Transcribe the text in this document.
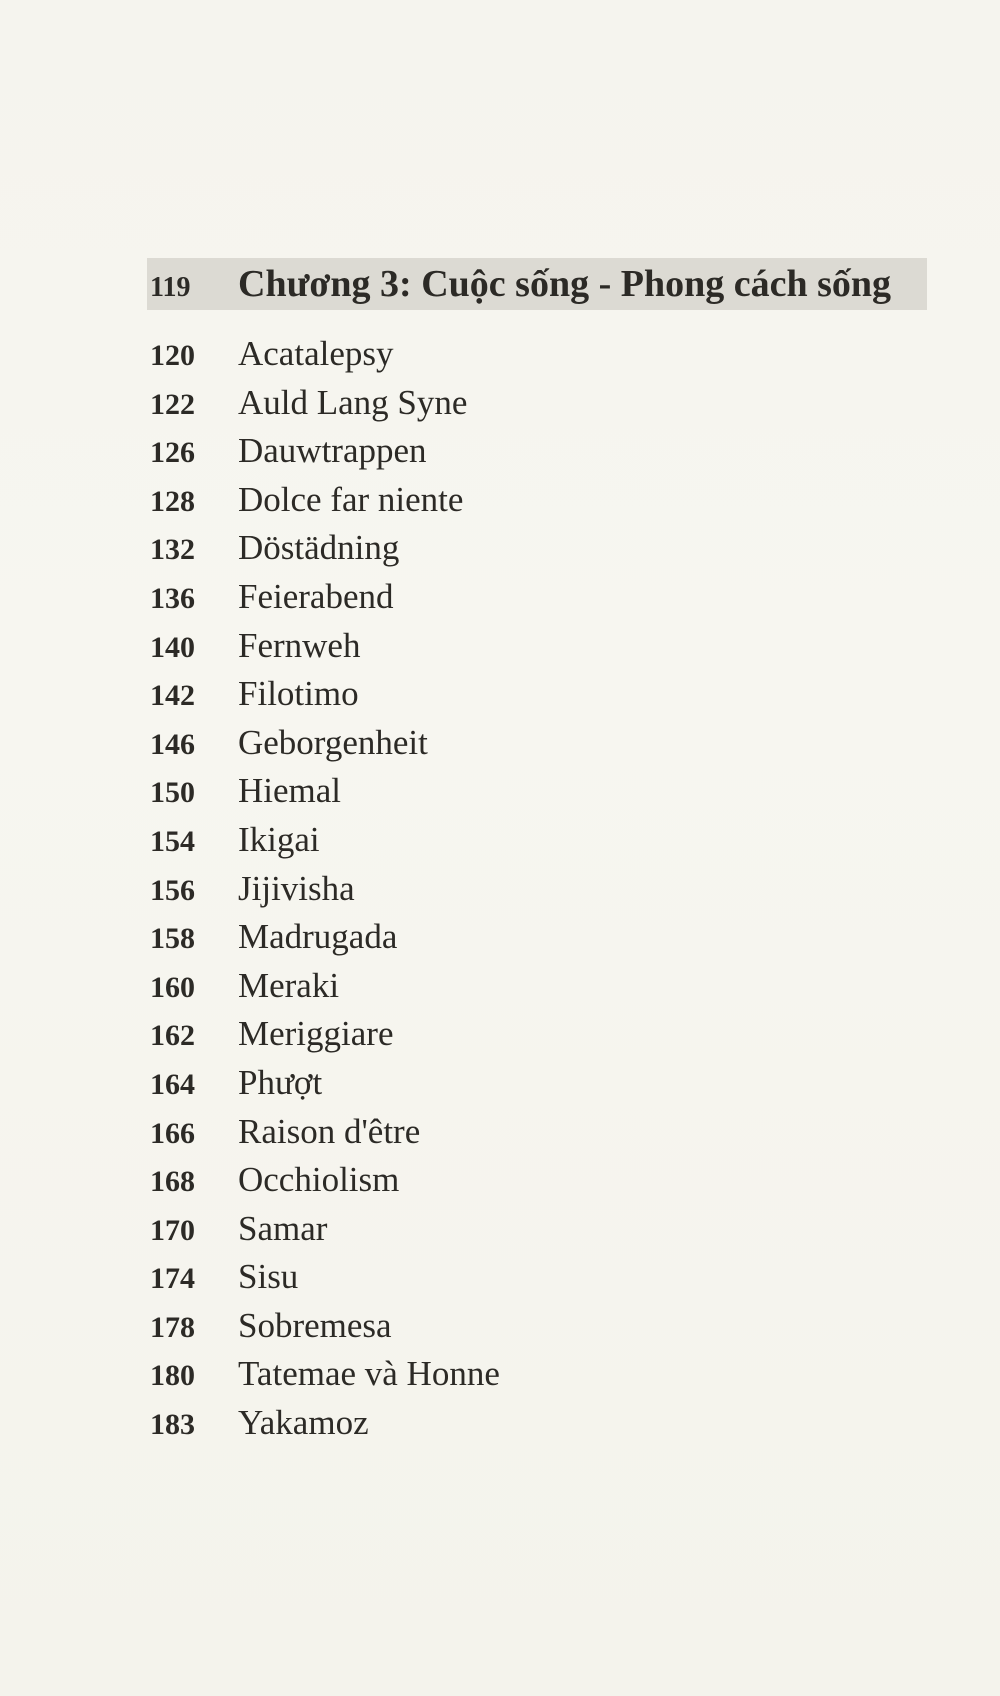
119	Chương 3: Cuộc sống - Phong cách sống
120	Acatalepsy
122	Auld Lang Syne
126	Dauwtrappen
128	Dolce far niente
132	Döstädning
136	Feierabend
140	Fernweh
142	Filotimo
146	Geborgenheit
150	Hiemal
154	Ikigai
156	Jijivisha
158	Madrugada
160	Meraki
162	Meriggiare
164	Phượt
166	Raison d'être
168	Occhiolism
170	Samar
174	Sisu
178	Sobremesa
180	Tatemae và Honne
183	Yakamoz
